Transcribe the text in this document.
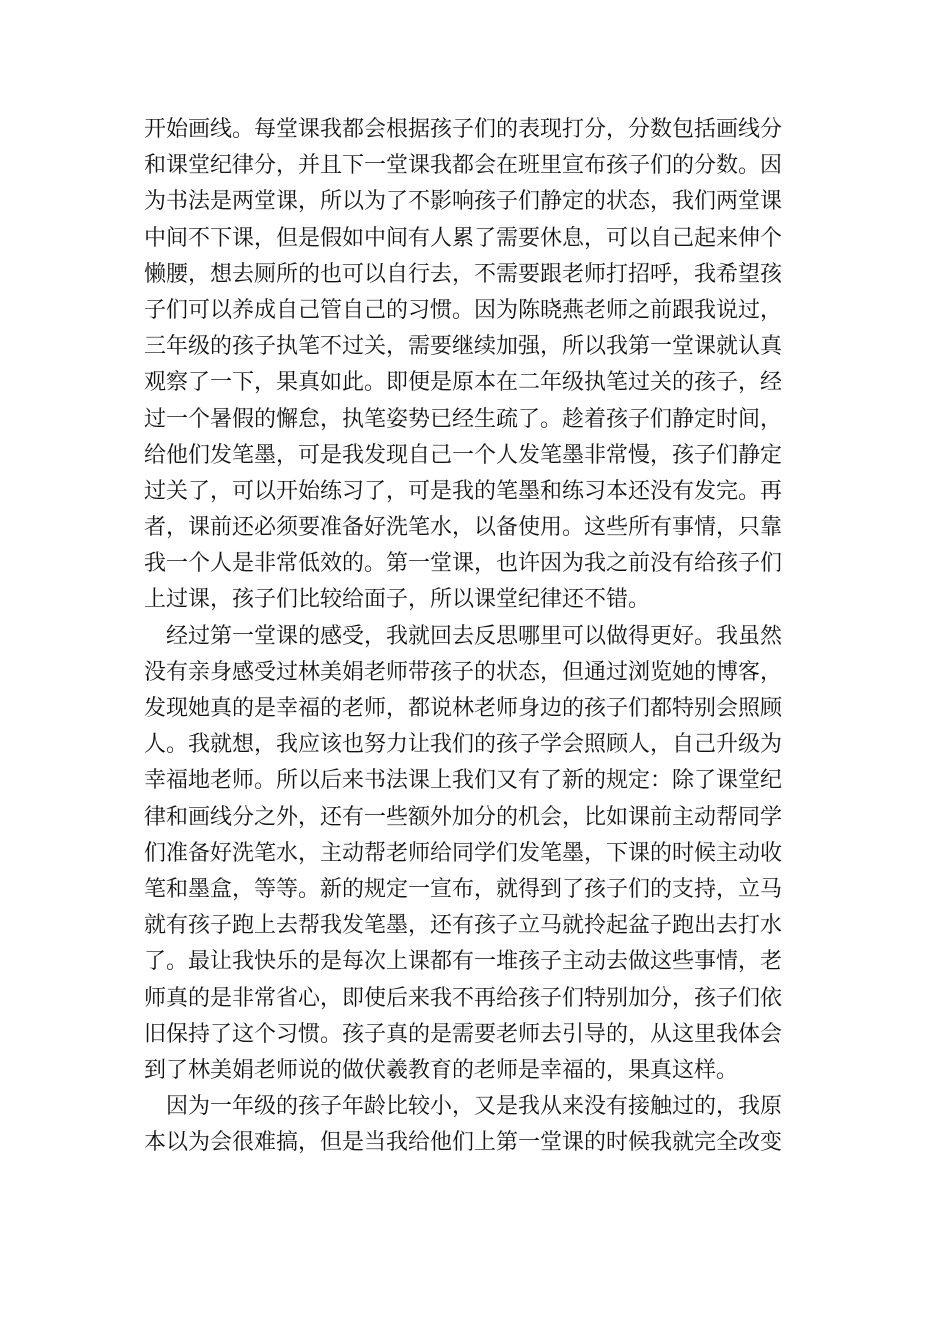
开始画线。每堂课我都会根据孩子们的表现打分，分数包括画线分
和课堂纪律分，并且下一堂课我都会在班里宣布孩子们的分数。因
为书法是两堂课，所以为了不影响孩子们静定的状态，我们两堂课
中间不下课，但是假如中间有人累了需要休息，可以自己起来伸个
懒腰，想去厕所的也可以自行去，不需要跟老师打招呼，我希望孩
子们可以养成自己管自己的习惯。因为陈晓燕老师之前跟我说过，
三年级的孩子执笔不过关，需要继续加强，所以我第一堂课就认真
观察了一下，果真如此。即便是原本在二年级执笔过关的孩子，经
过一个暑假的懈怠，执笔姿势已经生疏了。趁着孩子们静定时间，
给他们发笔墨，可是我发现自己一个人发笔墨非常慢，孩子们静定
过关了，可以开始练习了，可是我的笔墨和练习本还没有发完。再
者，课前还必须要准备好洗笔水，以备使用。这些所有事情，只靠
我一个人是非常低效的。第一堂课，也许因为我之前没有给孩子们
上过课，孩子们比较给面子，所以课堂纪律还不错。
　经过第一堂课的感受，我就回去反思哪里可以做得更好。我虽然
没有亲身感受过林美娟老师带孩子的状态，但通过浏览她的博客，
发现她真的是幸福的老师，都说林老师身边的孩子们都特别会照顾
人。我就想，我应该也努力让我们的孩子学会照顾人，自己升级为
幸福地老师。所以后来书法课上我们又有了新的规定：除了课堂纪
律和画线分之外，还有一些额外加分的机会，比如课前主动帮同学
们准备好洗笔水，主动帮老师给同学们发笔墨，下课的时候主动收
笔和墨盒，等等。新的规定一宣布，就得到了孩子们的支持，立马
就有孩子跑上去帮我发笔墨，还有孩子立马就拎起盆子跑出去打水
了。最让我快乐的是每次上课都有一堆孩子主动去做这些事情，老
师真的是非常省心，即使后来我不再给孩子们特别加分，孩子们依
旧保持了这个习惯。孩子真的是需要老师去引导的，从这里我体会
到了林美娟老师说的做伏羲教育的老师是幸福的，果真这样。
　因为一年级的孩子年龄比较小，又是我从来没有接触过的，我原
本以为会很难搞，但是当我给他们上第一堂课的时候我就完全改变
